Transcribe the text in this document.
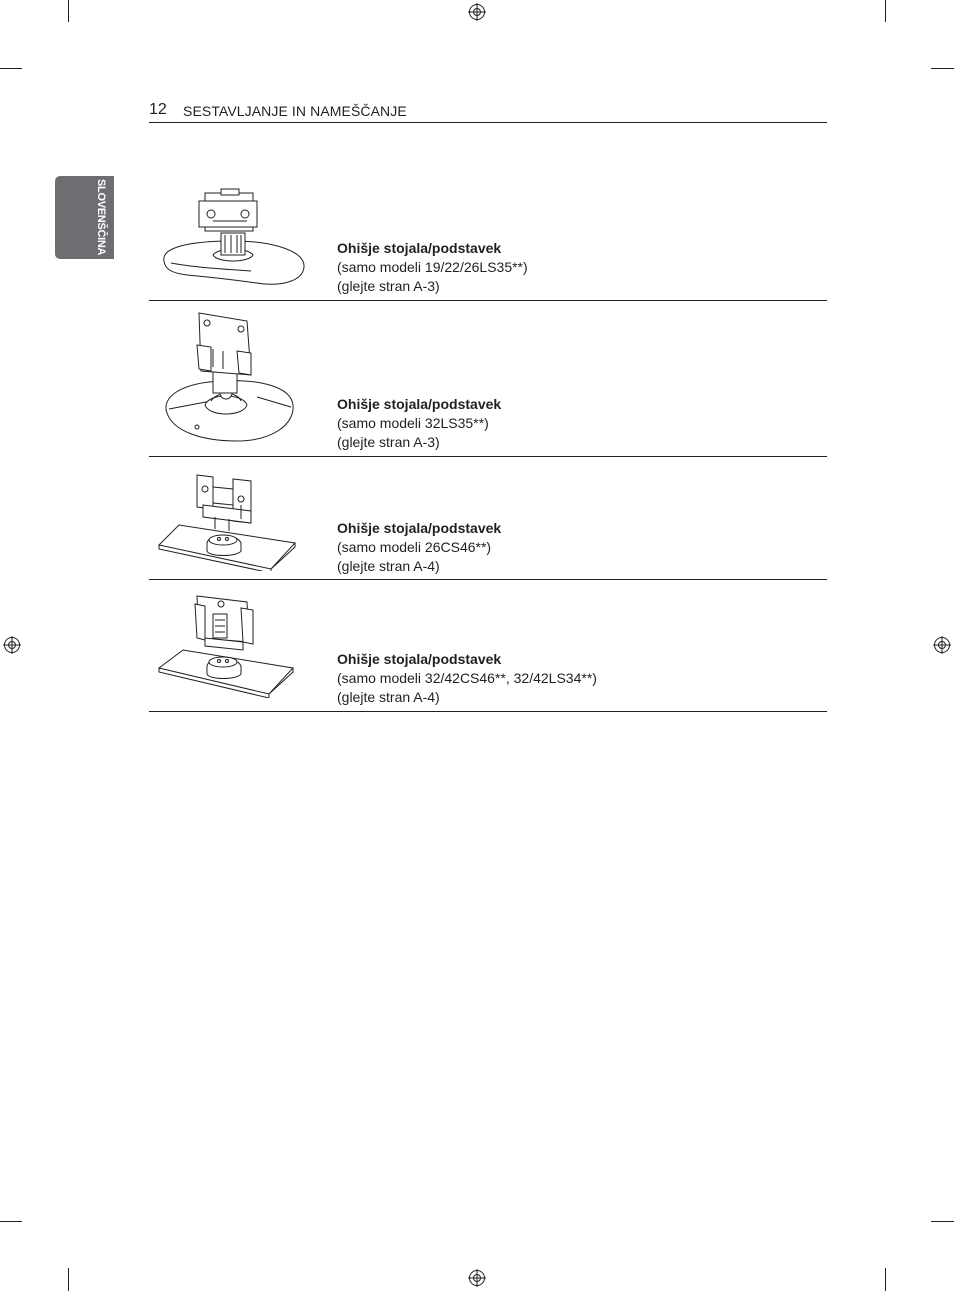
12 SESTAVLJANJE IN NAMEŠČANJE
SLOVENŠČINA	Ohišje stojala/podstavek
(samo modeli 19/22/26LS35**)
(glejte stran A-3)
Ohišje stojala/podstavek
(samo modeli 32LS35**)
(glejte stran A-3)
Ohišje stojala/podstavek
(samo modeli 26CS46**)
(glejte stran A-4)
Ohišje stojala/podstavek
(samo modeli 32/42CS46**, 32/42LS34**)
(glejte stran A-4)
